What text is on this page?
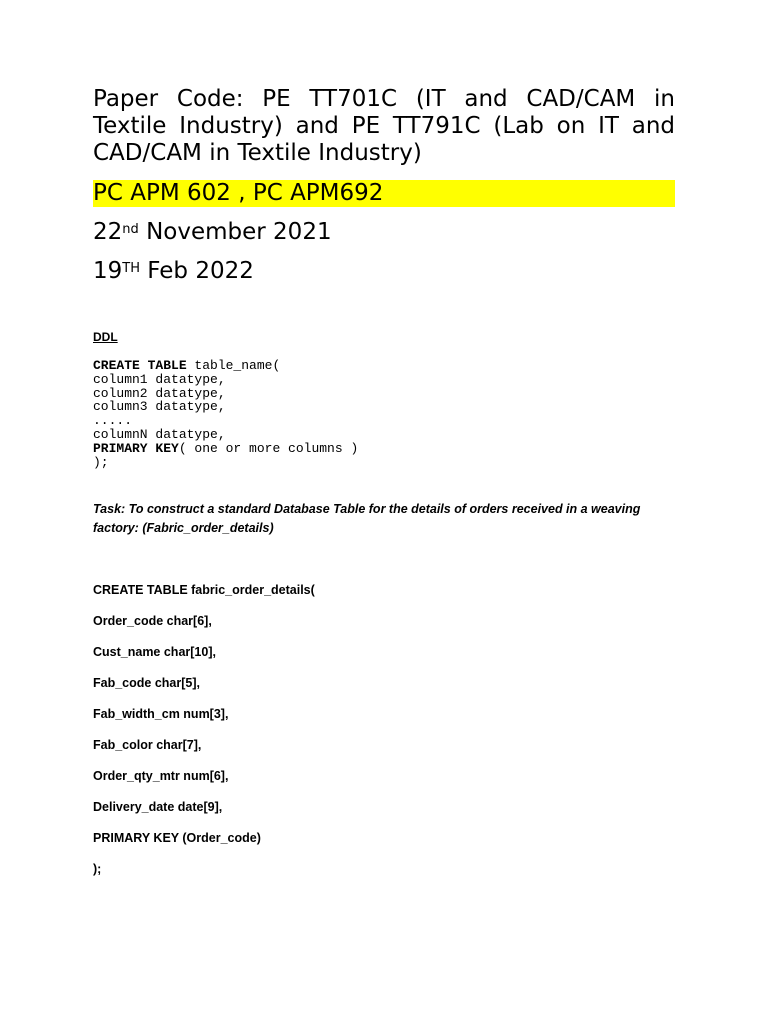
Paper Code: PE TT701C (IT and CAD/CAM in Textile Industry) and PE TT791C (Lab on IT and CAD/CAM in Textile Industry)

PC APM 602 , PC APM692
22nd November 2021
19TH Feb 2022
DDL
CREATE TABLE table_name(
column1 datatype,
column2 datatype,
column3 datatype,
.....
columnN datatype,
PRIMARY KEY( one or more columns )
);

Task: To construct a standard Database Table for the details of orders received in a weaving factory: (Fabric_order_details)

CREATE TABLE fabric_order_details(
Order_code char[6],
Cust_name char[10],
Fab_code char[5],
Fab_width_cm num[3],
Fab_color char[7],
Order_qty_mtr num[6],
Delivery_date date[9],
PRIMARY KEY (Order_code)
);
